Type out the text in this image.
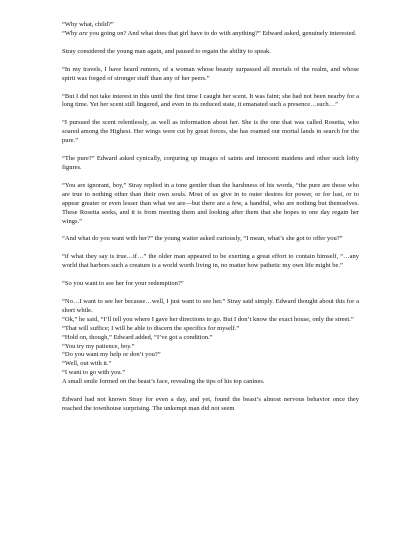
“Why what, child?”
“Why are you going on? And what does that girl have to do with anything?” Edward asked, genuinely interested.

Stray considered the young man again, and paused to regain the ability to speak.

“In my travels, I have heard rumors, of a woman whose beauty surpassed all mortals of the realm, and whose spirit was forged of stronger stuff than any of her peers.”

“But I did not take interest in this until the first time I caught her scent. It was faint; she had not been nearby for a long time. Yet her scent still lingered, and even in its reduced state, it emanated such a presence…such…”

“I pursued the scent relentlessly, as well as information about her. She is the one that was called Rosetta, who soared among the Highest. Her wings were cut by great forces, she has roamed our mortal lands in search for the pure.”

“The pure?” Edward asked cynically, conjuring up images of saints and innocent maidens and other such lofty figures.

“You are ignorant, boy,” Stray replied in a tone gentler than the harshness of his words, “the pure are those who are true to nothing other than their own souls. Most of us give in to outer desires for power, or for lust, or to appear greater or even lesser than what we are—but there are a few, a handful, who are nothing but themselves. These Rosetta seeks, and it is from meeting them and looking after them that she hopes to one day regain her wings.”

“And what do you want with her?” the young waiter asked curiously, “I mean, what’s she got to offer you?”

“if what they say is true…if…” the older man appeared to be exerting a great effort to contain himself, “…any world that harbors such a creature is a world worth living in, no matter how pathetic my own life might be.”

“So you want to see her for your redemption?”

“No…I want to see her because…well, I just want to see her.” Stray said simply. Edward thought about this for a short while.
“Ok,” he said, “I’ll tell you where I gave her directions to go. But I don’t know the exact house, only the street.”
“That will suffice; I will be able to discern the specifics for myself.”
“Hold on, though,” Edward added, “I’ve got a condition.”
“You try my patience, boy.”
“Do you want my help or don’t you?”
“Well, out with it.”
“I want to go with you.”
A small smile formed on the beast’s face, revealing the tips of his top canines.

Edward had not known Stray for even a day, and yet, found the beast’s almost nervous behavior once they reached the townhouse surprising. The unkempt man did not seem
